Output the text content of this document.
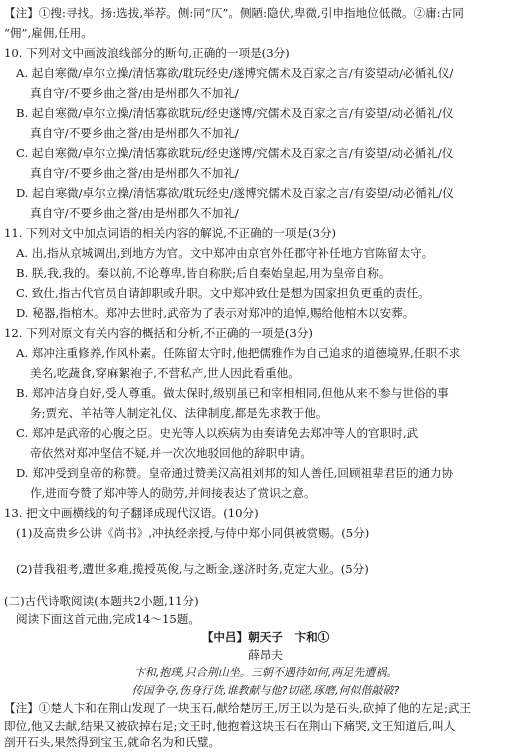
【注】①搜:寻找。扬:选拔,举荐。侧:同“仄”。侧陋:隐伏,卑微,引申指地位低微。②庸:古同
“佣”,雇佣,任用。
10. 下列对文中画波浪线部分的断句,正确的一项是(3分)
A. 起自寒微/卓尔立操/清恬寡欲/耽玩经史/遂博究儒术及百家之言/有姿望动/必循礼仪/
真自守/不要乡曲之誉/由是州郡久不加礼/
B. 起自寒微/卓尔立操/清恬寡欲耽玩/经史遂博/究儒术及百家之言/有姿望/动必循礼/仪
真自守/不要乡曲之誉/由是州郡久不加礼/
C. 起自寒微/卓尔立操/清恬寡欲耽玩/经史遂博/究儒术及百家之言/有姿望/动必循礼/仪
真自守/不要乡曲之誉/由是州郡久不加礼/
D. 起自寒微/卓尔立操/清恬寡欲/耽玩经史/遂博究儒术及百家之言/有姿望/动必循礼/仪
真自守/不要乡曲之誉/由是州郡久不加礼/
11. 下列对文中加点词语的相关内容的解说,不正确的一项是(3分)
A. 出,指从京城调出,到地方为官。文中郑冲由京官外任郡守补任地方官陈留太守。
B. 朕,我,我的。秦以前,不论尊卑,皆自称朕;后自秦始皇起,用为皇帝自称。
C. 致仕,指古代官员自请卸职或升职。文中郑冲致仕是想为国家担负更重的责任。
D. 秘器,指棺木。郑冲去世时,武帝为了表示对郑冲的追悼,赐给他棺木以安葬。
12. 下列对原文有关内容的概括和分析,不正确的一项是(3分)
A. 郑冲注重修养,作风朴素。任陈留太守时,他把儒雅作为自己追求的道德境界,任职不求
美名,吃蔬食,穿麻絮袍子,不营私产,世人因此看重他。
B. 郑冲洁身自好,受人尊重。做太保时,级别虽已和宰相相同,但他从来不参与世俗的事
务;贾充、羊祜等人制定礼仪、法律制度,都是先求教于他。
C. 郑冲是武帝的心腹之臣。史光等人以疾病为由奏请免去郑冲等人的官职时,武
帝依然对郑冲坚信不疑,并一次次地驳回他的辞职申请。
D. 郑冲受到皇帝的称赞。皇帝通过赞美汉高祖刘邦的知人善任,回顾祖辈君臣的通力协
作,进而夸赞了郑冲等人的勋劳,并间接表达了赏识之意。
13. 把文中画横线的句子翻译成现代汉语。(10分)
(1)及高贵乡公讲《尚书》,冲执经亲授,与侍中郑小同俱被赏赐。(5分)
(2)昔我祖考,遭世多难,揽授英俊,与之断金,遂济时务,克定大业。(5分)
(二)古代诗歌阅读(本题共2小题,11分)
阅读下面这首元曲,完成14～15题。
【中吕】朝天子　卞和①
薛昂夫
卞和,抱璞,只合荆山坐。三朝不遇待如何,两足先遭祸。
传国争夺,伤身行货,谁教献与他?切磋,琢磨,何似偕敲破?
【注】①楚人卞和在荆山发现了一块玉石,献给楚厉王,厉王以为是石头,砍掉了他的左足;武王
即位,他又去献,结果又被砍掉右足;文王时,他抱着这块玉石在荆山下痛哭,文王知道后,叫人
剖开石头,果然得到宝玉,就命名为和氏璧。
